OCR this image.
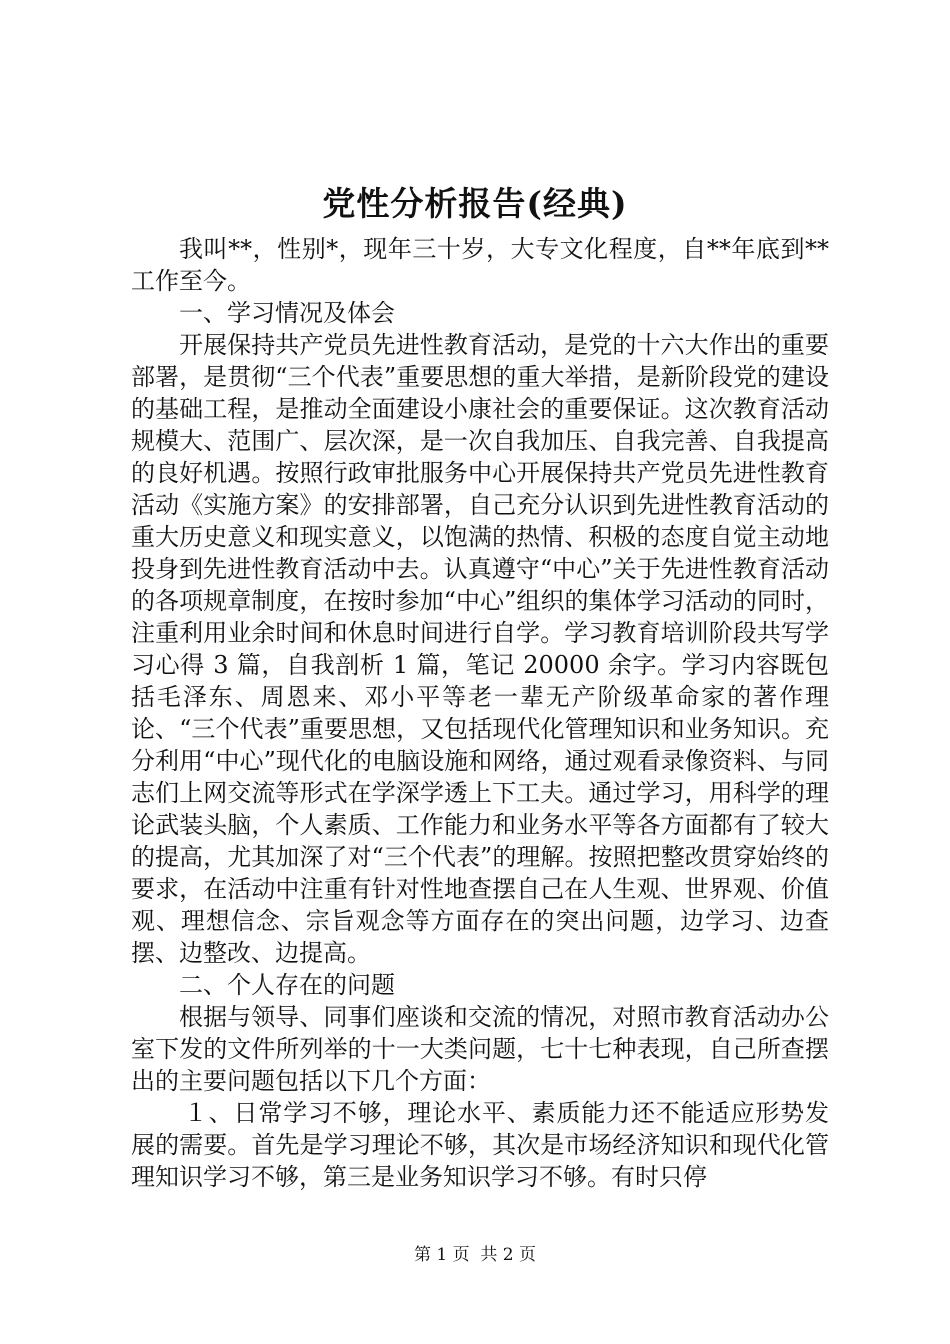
党性分析报告(经典)

我叫**，性别*，现年三十岁，大专文化程度，自**年底到**工作至今。

一、学习情况及体会

开展保持共产党员先进性教育活动，是党的十六大作出的重要部署，是贯彻“三个代表”重要思想的重大举措，是新阶段党的建设的基础工程，是推动全面建设小康社会的重要保证。这次教育活动规模大、范围广、层次深，是一次自我加压、自我完善、自我提高的良好机遇。按照行政审批服务中心开展保持共产党员先进性教育活动《实施方案》的安排部署，自己充分认识到先进性教育活动的重大历史意义和现实意义，以饱满的热情、积极的态度自觉主动地投身到先进性教育活动中去。认真遵守“中心”关于先进性教育活动的各项规章制度，在按时参加“中心”组织的集体学习活动的同时，注重利用业余时间和休息时间进行自学。学习教育培训阶段共写学习心得 3 篇，自我剖析 1 篇，笔记 20000 余字。学习内容既包括毛泽东、周恩来、邓小平等老一辈无产阶级革命家的著作理论、“三个代表”重要思想，又包括现代化管理知识和业务知识。充分利用“中心”现代化的电脑设施和网络，通过观看录像资料、与同志们上网交流等形式在学深学透上下工夫。通过学习，用科学的理论武装头脑，个人素质、工作能力和业务水平等各方面都有了较大的提高，尤其加深了对“三个代表”的理解。按照把整改贯穿始终的要求，在活动中注重有针对性地查摆自己在人生观、世界观、价值观、理想信念、宗旨观念等方面存在的突出问题，边学习、边查摆、边整改、边提高。

二、个人存在的问题

根据与领导、同事们座谈和交流的情况，对照市教育活动办公室下发的文件所列举的十一大类问题，七十七种表现，自己所查摆出的主要问题包括以下几个方面：

１、日常学习不够，理论水平、素质能力还不能适应形势发展的需要。首先是学习理论不够，其次是市场经济知识和现代化管理知识学习不够，第三是业务知识学习不够。有时只停

第 1 页 共 2 页
